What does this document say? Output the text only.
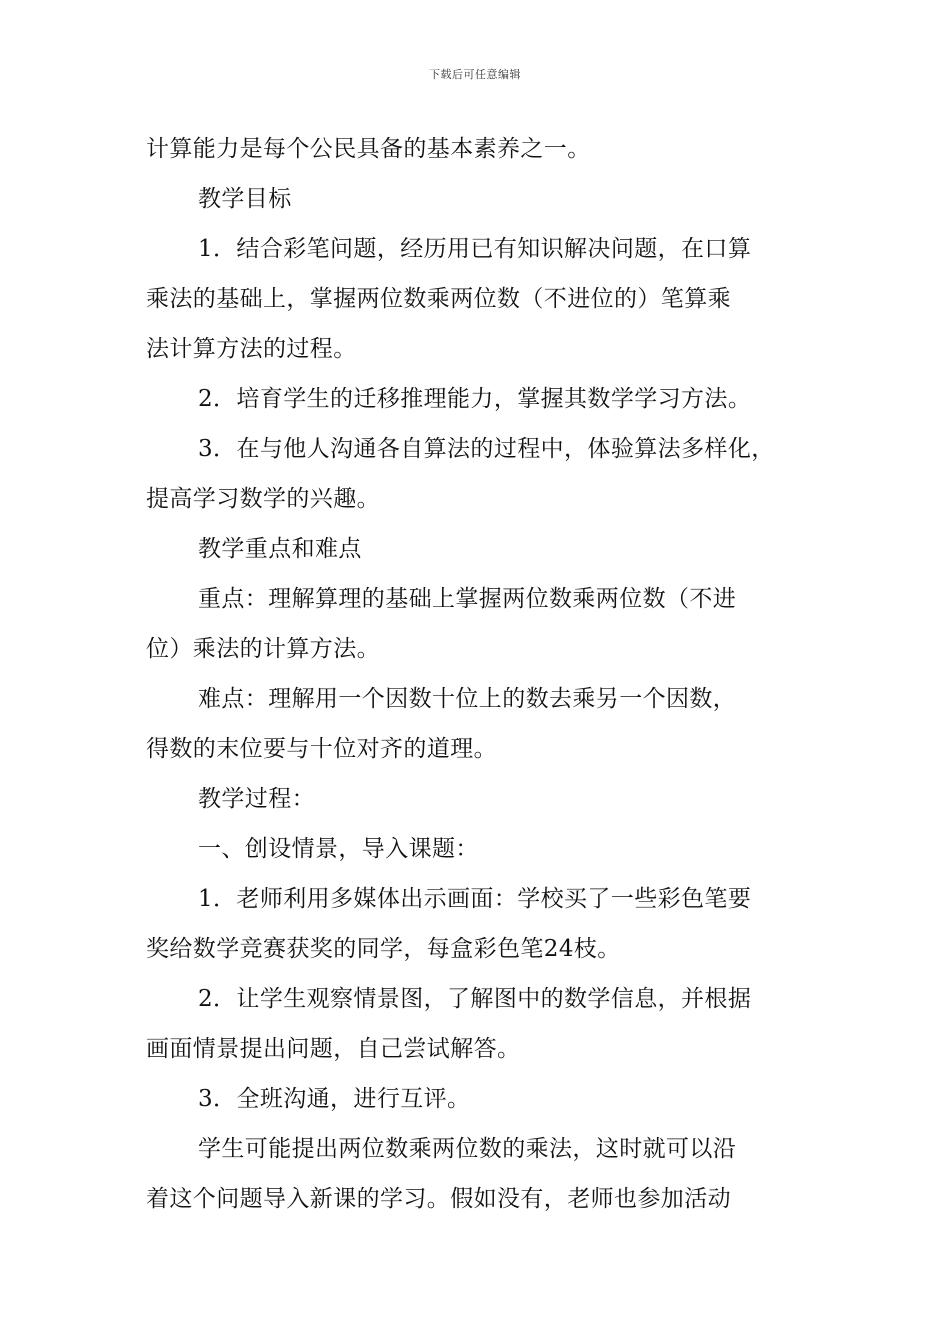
下载后可任意编辑
计算能力是每个公民具备的基本素养之一。
教学目标
1．结合彩笔问题，经历用已有知识解决问题，在口算
乘法的基础上，掌握两位数乘两位数（不进位的）笔算乘
法计算方法的过程。
2．培育学生的迁移推理能力，掌握其数学学习方法。
3．在与他人沟通各自算法的过程中，体验算法多样化，
提高学习数学的兴趣。
教学重点和难点
重点：理解算理的基础上掌握两位数乘两位数（不进
位）乘法的计算方法。
难点：理解用一个因数十位上的数去乘另一个因数，
得数的末位要与十位对齐的道理。
教学过程：
一、创设情景，导入课题：
1．老师利用多媒体出示画面：学校买了一些彩色笔要
奖给数学竞赛获奖的同学，每盒彩色笔24枝。
2．让学生观察情景图，了解图中的数学信息，并根据
画面情景提出问题，自己尝试解答。
3．全班沟通，进行互评。
学生可能提出两位数乘两位数的乘法，这时就可以沿
着这个问题导入新课的学习。假如没有，老师也参加活动
